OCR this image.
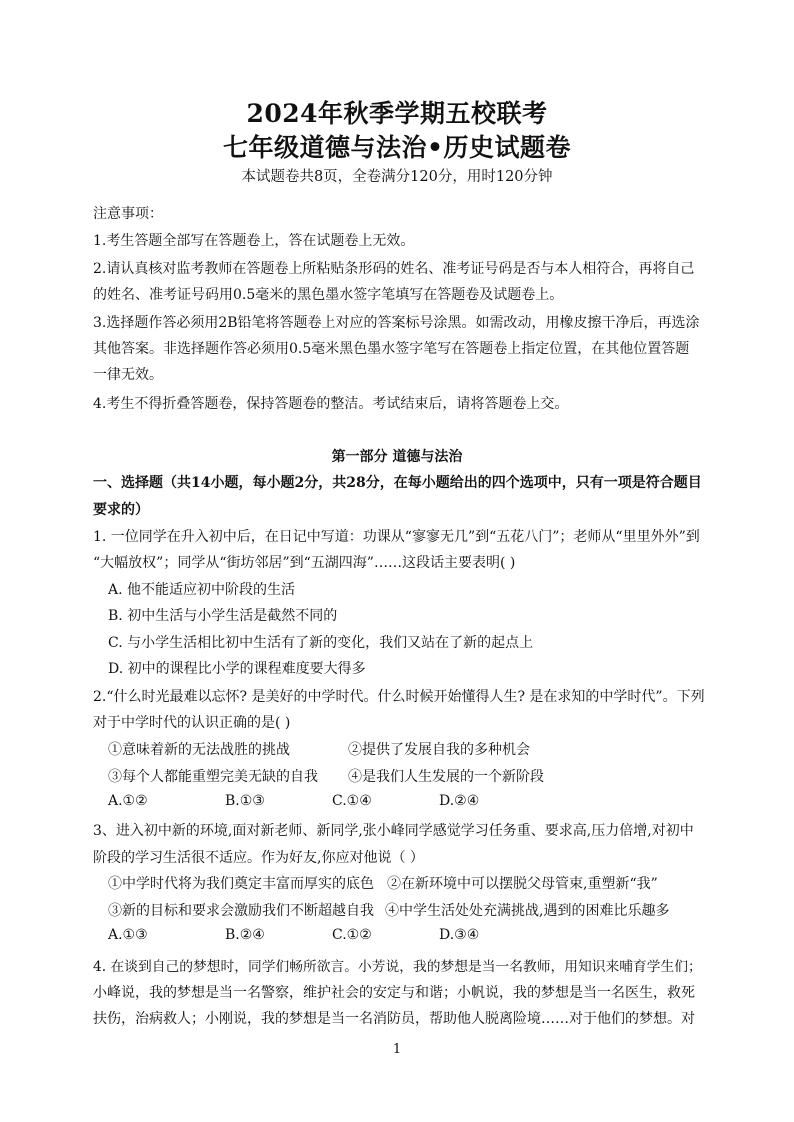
2024年秋季学期五校联考
七年级道德与法治•历史试题卷
本试题卷共8页，全卷满分120分，用时120分钟
注意事项：
1.考生答题全部写在答题卷上，答在试题卷上无效。
2.请认真核对监考教师在答题卷上所粘贴条形码的姓名、准考证号码是否与本人相符合，再将自己
的姓名、准考证号码用0.5毫米的黑色墨水签字笔填写在答题卷及试题卷上。
3.选择题作答必须用2B铅笔将答题卷上对应的答案标号涂黑。如需改动，用橡皮擦干净后，再选涂
其他答案。非选择题作答必须用0.5毫米黑色墨水签字笔写在答题卷上指定位置，在其他位置答题
一律无效。
4.考生不得折叠答题卷，保持答题卷的整洁。考试结束后，请将答题卷上交。
第一部分 道德与法治
一、选择题（共14小题，每小题2分，共28分，在每小题给出的四个选项中，只有一项是符合题目
要求的）
1. 一位同学在升入初中后，在日记中写道：功课从“寥寥无几”到“五花八门”；老师从“里里外外”到
“大幅放权”；同学从“街坊邻居”到“五湖四海”……这段话主要表明( )
A. 他不能适应初中阶段的生活
B. 初中生活与小学生活是截然不同的
C. 与小学生活相比初中生活有了新的变化，我们又站在了新的起点上
D. 初中的课程比小学的课程难度要大得多
2.“什么时光最难以忘怀? 是美好的中学时代。什么时候开始懂得人生? 是在求知的中学时代”。下列
对于中学时代的认识正确的是( )
①意味着新的无法战胜的挑战	②提供了发展自我的多种机会
③每个人都能重塑完美无缺的自我 ④是我们人生发展的一个新阶段
A.①②	B.①③	C.①④	D.②④
3、进入初中新的环境,面对新老师、新同学,张小峰同学感觉学习任务重、要求高,压力倍增,对初中
阶段的学习生活很不适应。作为好友,你应对他说（ ）
①中学时代将为我们奠定丰富而厚实的底色 ②在新环境中可以摆脱父母管束,重塑新“我”
③新的目标和要求会激励我们不断超越自我 ④中学生活处处充满挑战,遇到的困难比乐趣多
A.①③	B.②④	C.①②	D.③④
4. 在谈到自己的梦想时，同学们畅所欲言。小芳说，我的梦想是当一名教师，用知识来哺育学生们；
小峰说，我的梦想是当一名警察，维护社会的安定与和谐；小帆说，我的梦想是当一名医生，救死
扶伤，治病救人；小刚说，我的梦想是当一名消防员，帮助他人脱离险境……对于他们的梦想。对
1
